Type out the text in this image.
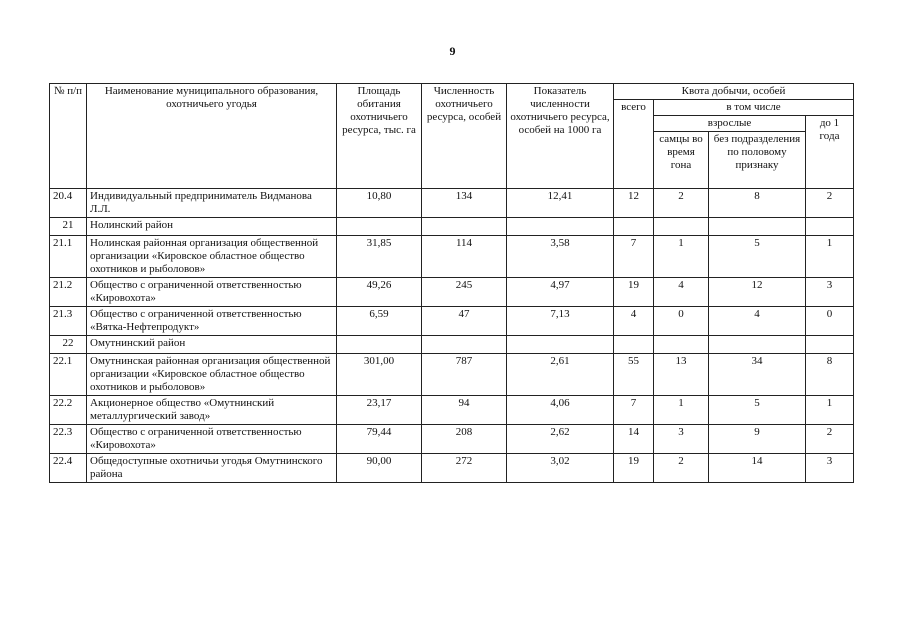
9
№ п/п	Наименование муниципального образования, охотничьего угодья	Площадь обитания охотничьего ресурса, тыс. га	Численность охотничьего ресурса, особей	Показатель численности охотничьего ресурса, особей на 1000 га	Квота добычи, особей			
					всего	в том числе		
						взрослые		до 1 года
						самцы во время гона	без подразделения по половому признаку	
20.4	Индивидуальный предприниматель Видманова Л.Л.	10,80	134	12,41	12	2	8	2
21	Нолинский район							
21.1	Нолинская районная организация общественной организации «Кировское областное общество охотников и рыболовов»	31,85	114	3,58	7	1	5	1
21.2	Общество с ограниченной ответственностью «Кировохота»	49,26	245	4,97	19	4	12	3
21.3	Общество с ограниченной ответственностью «Вятка-Нефтепродукт»	6,59	47	7,13	4	0	4	0
22	Омутнинский район							
22.1	Омутнинская районная организация общественной организации «Кировское областное общество охотников и рыболовов»	301,00	787	2,61	55	13	34	8
22.2	Акционерное общество «Омутнинский металлургический завод»	23,17	94	4,06	7	1	5	1
22.3	Общество с ограниченной ответственностью «Кировохота»	79,44	208	2,62	14	3	9	2
22.4	Общедоступные охотничьи угодья Омутнинского района	90,00	272	3,02	19	2	14	3
